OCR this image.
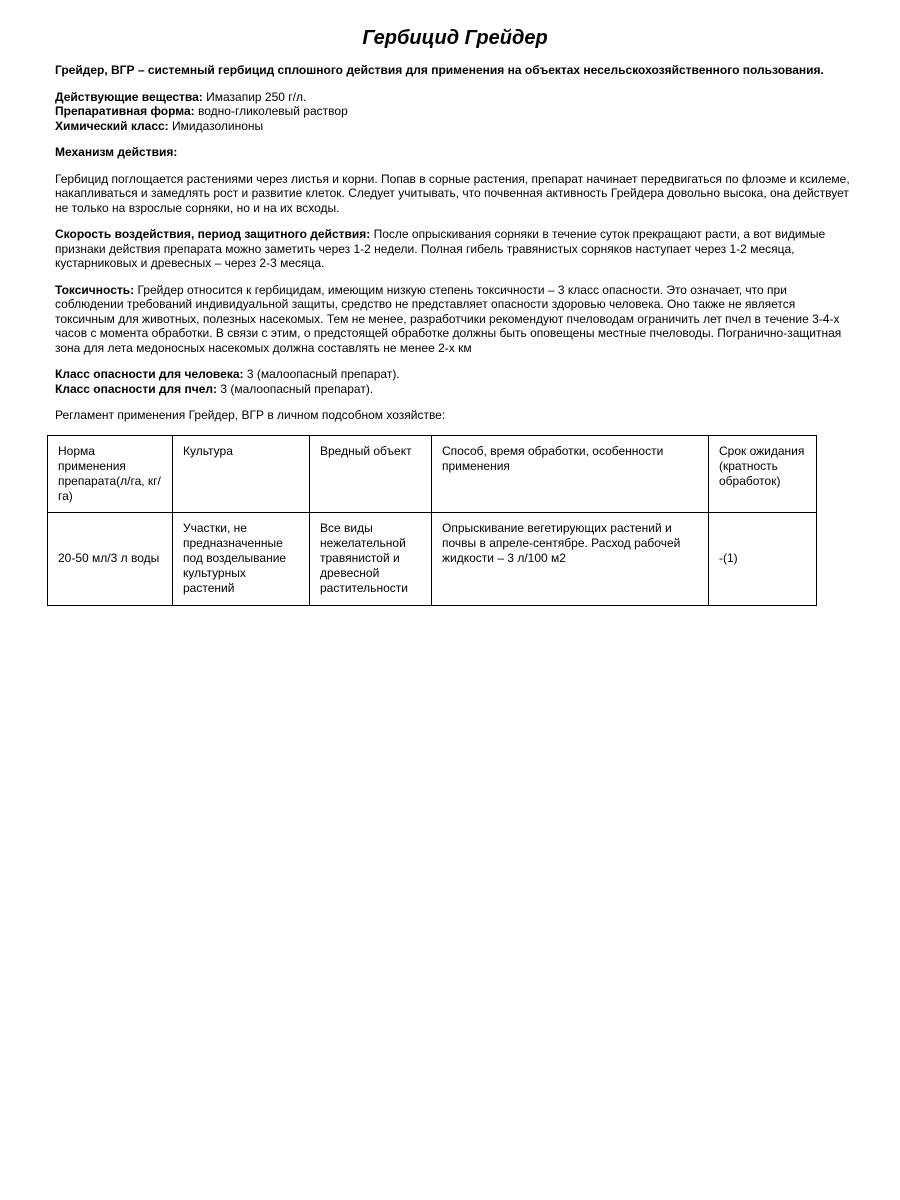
Гербицид Грейдер

Грейдер, ВГР – системный гербицид сплошного действия для применения на объектах несельскохозяйственного пользования.

Действующие вещества: Имазапир 250 г/л.

Препаративная форма: водно-гликолевый раствор

Химический класс: Имидазолиноны

Механизм действия:

Гербицид поглощается растениями через листья и корни. Попав в сорные растения, препарат начинает передвигаться по флоэме и ксилеме, накапливаться и замедлять рост и развитие клеток. Следует учитывать, что почвенная активность Грейдера довольно высока, она действует не только на взрослые сорняки, но и на их всходы.

Скорость воздействия, период защитного действия: После опрыскивания сорняки в течение суток прекращают расти, а вот видимые признаки действия препарата можно заметить через 1-2 недели. Полная гибель травянистых сорняков наступает через 1-2 месяца, кустарниковых и древесных – через 2-3 месяца.

Токсичность: Грейдер относится к гербицидам, имеющим низкую степень токсичности – 3 класс опасности. Это означает, что при соблюдении требований индивидуальной защиты, средство не представляет опасности здоровью человека. Оно также не является токсичным для животных, полезных насекомых. Тем не менее, разработчики рекомендуют пчеловодам ограничить лет пчел в течение 3-4-х часов с момента обработки. В связи с этим, о предстоящей обработке должны быть оповещены местные пчеловоды. Погранично-защитная зона для лета медоносных насекомых должна составлять не менее 2-х км

Класс опасности для человека: 3 (малоопасный препарат).

Класс опасности для пчел: 3 (малоопасный препарат).

Регламент применения Грейдер, ВГР в личном подсобном хозяйстве:

Норма применения препарата(л/га, кг/га)	Культура	Вредный объект	Способ, время обработки, особенности применения	Срок ожидания (кратность обработок)
20-50 мл/3 л воды	Участки, не предназначенные под возделывание культурных растений	Все виды нежелательной травянистой и древесной растительности	Опрыскивание вегетирующих растений и почвы в апреле-сентябре. Расход рабочей жидкости – 3 л/100 м2	-(1)
